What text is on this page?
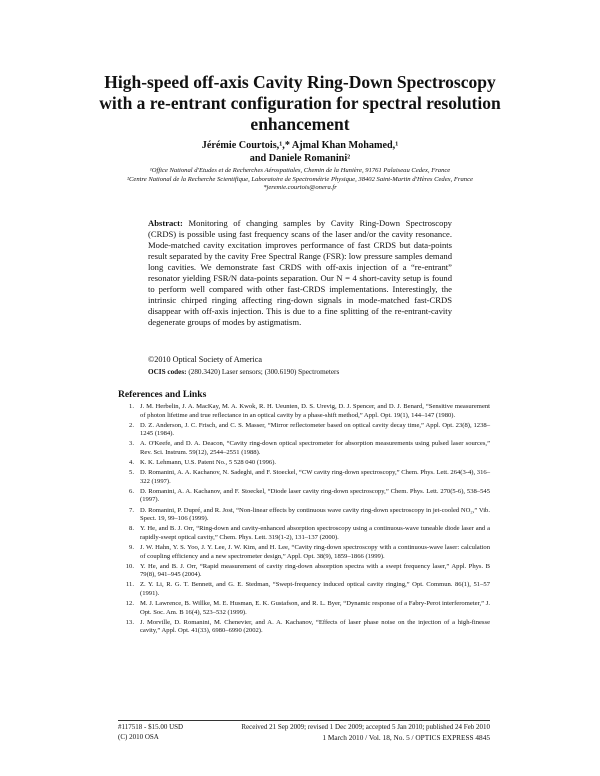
High-speed off-axis Cavity Ring-Down Spectroscopy with a re-entrant configuration for spectral resolution enhancement
Jérémie Courtois,¹,* Ajmal Khan Mohamed,¹
and Daniele Romanini²
¹Office National d'Etudes et de Recherches Aérospatiales, Chemin de la Hunière, 91761 Palaiseau Cedex, France
²Centre National de la Recherche Scientifique, Laboratoire de Spectrométrie Physique, 38402 Saint-Martin d'Hères Cedex, France
*jeremie.courtois@onera.fr
Abstract: Monitoring of changing samples by Cavity Ring-Down Spectroscopy (CRDS) is possible using fast frequency scans of the laser and/or the cavity resonance. Mode-matched cavity excitation improves performance of fast CRDS but data-points result separated by the cavity Free Spectral Range (FSR): low pressure samples demand long cavities. We demonstrate fast CRDS with off-axis injection of a “re-entrant” resonator yielding FSR/N data-points separation. Our N = 4 short-cavity setup is found to perform well compared with other fast-CRDS implementations. Interestingly, the intrinsic chirped ringing affecting ring-down signals in mode-matched fast-CRDS disappear with off-axis injection. This is due to a fine splitting of the re-entrant-cavity degenerate groups of modes by astigmatism.
©2010 Optical Society of America
OCIS codes: (280.3420) Laser sensors; (300.6190) Spectrometers
References and Links
1. J. M. Herbelin, J. A. MacKay, M. A. Kwok, R. H. Ueunten, D. S. Urevig, D. J. Spencer, and D. J. Benard, “Sensitive measurement of photon lifetime and true reflectance in an optical cavity by a phase-shift method,” Appl. Opt. 19(1), 144–147 (1980).
2. D. Z. Anderson, J. C. Frisch, and C. S. Masser, “Mirror reflectometer based on optical cavity decay time,” Appl. Opt. 23(8), 1238–1245 (1984).
3. A. O'Keefe, and D. A. Deacon, “Cavity ring-down optical spectrometer for absorption measurements using pulsed laser sources,” Rev. Sci. Instrum. 59(12), 2544–2551 (1988).
4. K. K. Lehmann, U.S. Patent No., 5 528 040 (1996).
5. D. Romanini, A. A. Kachanov, N. Sadeghi, and F. Stoeckel, “CW cavity ring-down spectroscopy,” Chem. Phys. Lett. 264(3-4), 316–322 (1997).
6. D. Romanini, A. A. Kachanov, and F. Stoeckel, “Diode laser cavity ring-down spectroscopy,” Chem. Phys. Lett. 270(5-6), 538–545 (1997).
7. D. Romanini, P. Dupré, and R. Jost, “Non-linear effects by continuous wave cavity ring-down spectroscopy in jet-cooled NO₂,” Vib. Spect. 19, 99–106 (1999).
8. Y. He, and B. J. Orr, “Ring-down and cavity-enhanced absorption spectroscopy using a continuous-wave tuneable diode laser and a rapidly-swept optical cavity,” Chem. Phys. Lett. 319(1-2), 131–137 (2000).
9. J. W. Hahn, Y. S. Yoo, J. Y. Lee, J. W. Kim, and H. Lee, “Cavity ring-down spectroscopy with a continuous-wave laser: calculation of coupling efficiency and a new spectrometer design,” Appl. Opt. 38(9), 1859–1866 (1999).
10. Y. He, and B. J. Orr, “Rapid measurement of cavity ring-down absorption spectra with a swept frequency laser,” Appl. Phys. B 79(8), 941–945 (2004).
11. Z. Y. Li, R. G. T. Bennett, and G. E. Stedman, “Swept-frequency induced optical cavity ringing,” Opt. Commun. 86(1), 51–57 (1991).
12. M. J. Lawrence, B. Willke, M. E. Husman, E. K. Gustafson, and R. L. Byer, “Dynamic response of a Fabry-Perot interferometer,” J. Opt. Soc. Am. B 16(4), 523–532 (1999).
13. J. Morville, D. Romanini, M. Chenevier, and A. A. Kachanov, “Effects of laser phase noise on the injection of a high-finesse cavity,” Appl. Opt. 41(33), 6980–6990 (2002).
#117518 - $15.00 USD
(C) 2010 OSA
Received 21 Sep 2009; revised 1 Dec 2009; accepted 5 Jan 2010; published 24 Feb 2010
1 March 2010 / Vol. 18, No. 5 / OPTICS EXPRESS 4845
